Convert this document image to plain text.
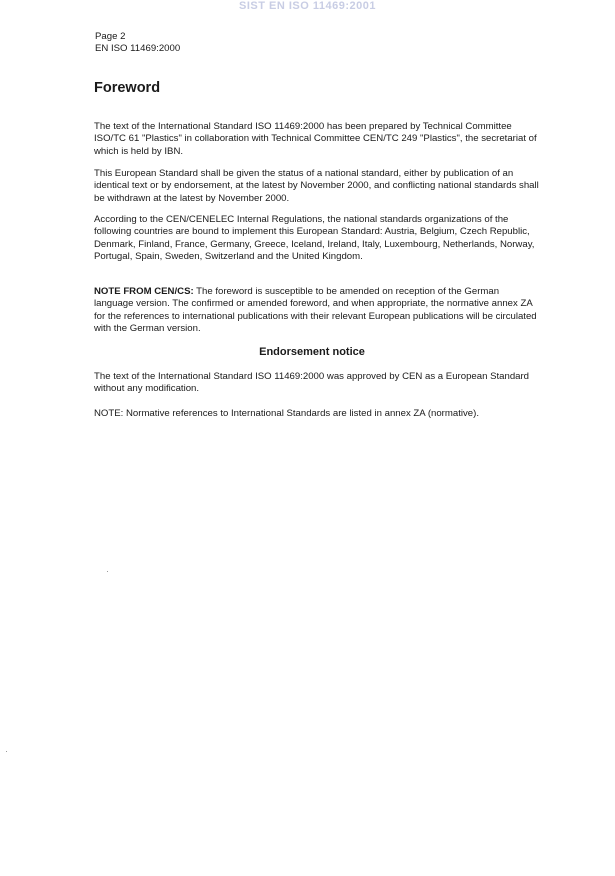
SIST EN ISO 11469:2001
Page 2
EN ISO 11469:2000
Foreword

The text of the International Standard ISO 11469:2000 has been prepared by Technical Committee ISO/TC 61 "Plastics" in collaboration with Technical Committee CEN/TC 249 "Plastics", the secretariat of which is held by IBN.

This European Standard shall be given the status of a national standard, either by publication of an identical text or by endorsement, at the latest by November 2000, and conflicting national standards shall be withdrawn at the latest by November 2000.

According to the CEN/CENELEC Internal Regulations, the national standards organizations of the following countries are bound to implement this European Standard: Austria, Belgium, Czech Republic, Denmark, Finland, France, Germany, Greece, Iceland, Ireland, Italy, Luxembourg, Netherlands, Norway, Portugal, Spain, Sweden, Switzerland and the United Kingdom.

NOTE FROM CEN/CS: The foreword is susceptible to be amended on reception of the German language version. The confirmed or amended foreword, and when appropriate, the normative annex ZA for the references to international publications with their relevant European publications will be circulated with the German version.

Endorsement notice

The text of the International Standard ISO 11469:2000 was approved by CEN as a European Standard without any modification.

NOTE: Normative references to International Standards are listed in annex ZA (normative).
